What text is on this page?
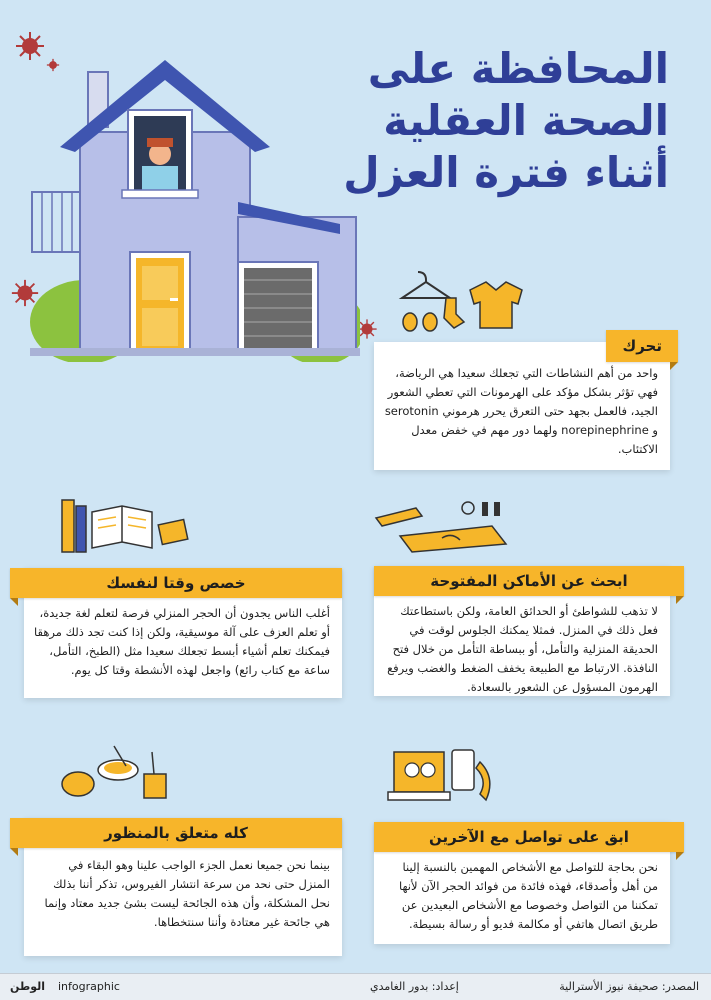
المحافظة على
الصحة العقلية
أثناء فترة العزل
تحرك

واحد من أهم النشاطات التي تجعلك سعيدا هي الرياضة، فهي تؤثر بشكل مؤكد على الهرمونات التي تعطي الشعور الجيد، فالعمل بجهد حتى التعرق يحرر هرموني serotonin و norepinephrine ولهما دور مهم في خفض معدل الاكتئاب.

ابحث عن الأماكن المفتوحة

لا تذهب للشواطئ أو الحدائق العامة، ولكن باستطاعتك فعل ذلك في المنزل. فمثلا يمكنك الجلوس لوقت في الحديقة المنزلية والتأمل، أو ببساطة التأمل من خلال فتح النافذة. الارتباط مع الطبيعة يخفف الضغط والغضب ويرفع الهرمون المسؤول عن الشعور بالسعادة.

خصص وقتا لنفسك

أغلب الناس يجدون أن الحجر المنزلي فرصة لتعلم لغة جديدة، أو تعلم العزف على آلة موسيقية، ولكن إذا كنت تجد ذلك مرهقا فيمكنك تعلم أشياء أبسط تجعلك سعيدا مثل (الطبخ، التأمل، ساعة مع كتاب رائع) واجعل لهذه الأنشطة وقتا كل يوم.

ابق على تواصل مع الآخرين

نحن بحاجة للتواصل مع الأشخاص المهمين بالنسبة إلينا من أهل وأصدقاء، فهذه فائدة من فوائد الحجر الآن لأنها تمكننا من التواصل وخصوصا مع الأشخاص البعيدين عن طريق اتصال هاتفي أو مكالمة فديو أو رسالة بسيطة.

كله متعلق بالمنظور

بينما نحن جميعا نعمل الجزء الواجب علينا وهو البقاء في المنزل حتى نحد من سرعة انتشار الفيروس، تذكر أننا بذلك نحل المشكلة، وأن هذه الجائحة ليست بشئ جديد معتاد وإنما هي جائحة غير معتادة وأننا سنتخطاها.

الوطن infographic	إعداد: بدور الغامدي	المصدر: صحيفة نيوز الأسترالية
